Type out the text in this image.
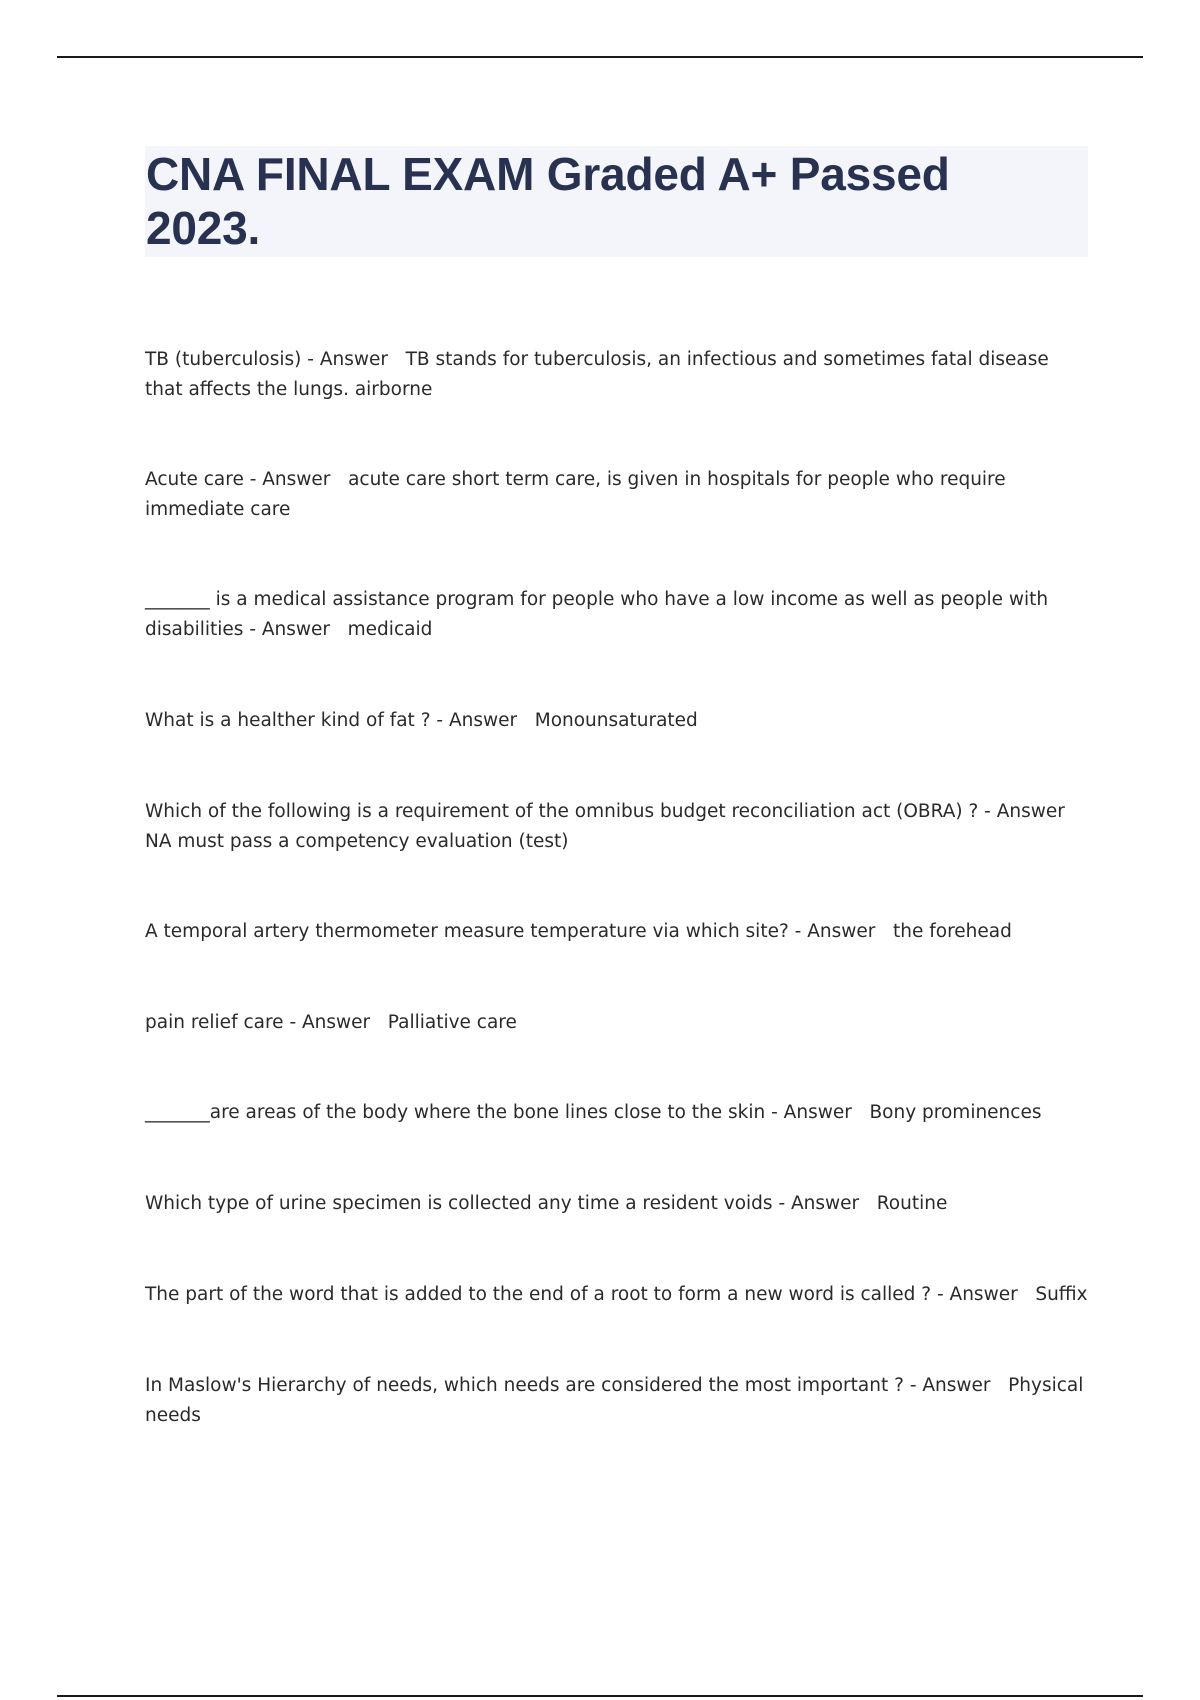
CNA FINAL EXAM Graded A+ Passed 2023.

TB (tuberculosis) - Answer   TB stands for tuberculosis, an infectious and sometimes fatal disease that affects the lungs. airborne

Acute care - Answer   acute care short term care, is given in hospitals for people who require immediate care

_______ is a medical assistance program for people who have a low income as well as people with disabilities - Answer   medicaid

What is a healther kind of fat ? - Answer   Monounsaturated

Which of the following is a requirement of the omnibus budget reconciliation act (OBRA) ? - Answer   NA must pass a competency evaluation (test)

A temporal artery thermometer measure temperature via which site? - Answer   the forehead

pain relief care - Answer   Palliative care

_______are areas of the body where the bone lines close to the skin - Answer   Bony prominences

Which type of urine specimen is collected any time a resident voids - Answer   Routine

The part of the word that is added to the end of a root to form a new word is called ? - Answer   Suffix

In Maslow's Hierarchy of needs, which needs are considered the most important ? - Answer   Physical needs
